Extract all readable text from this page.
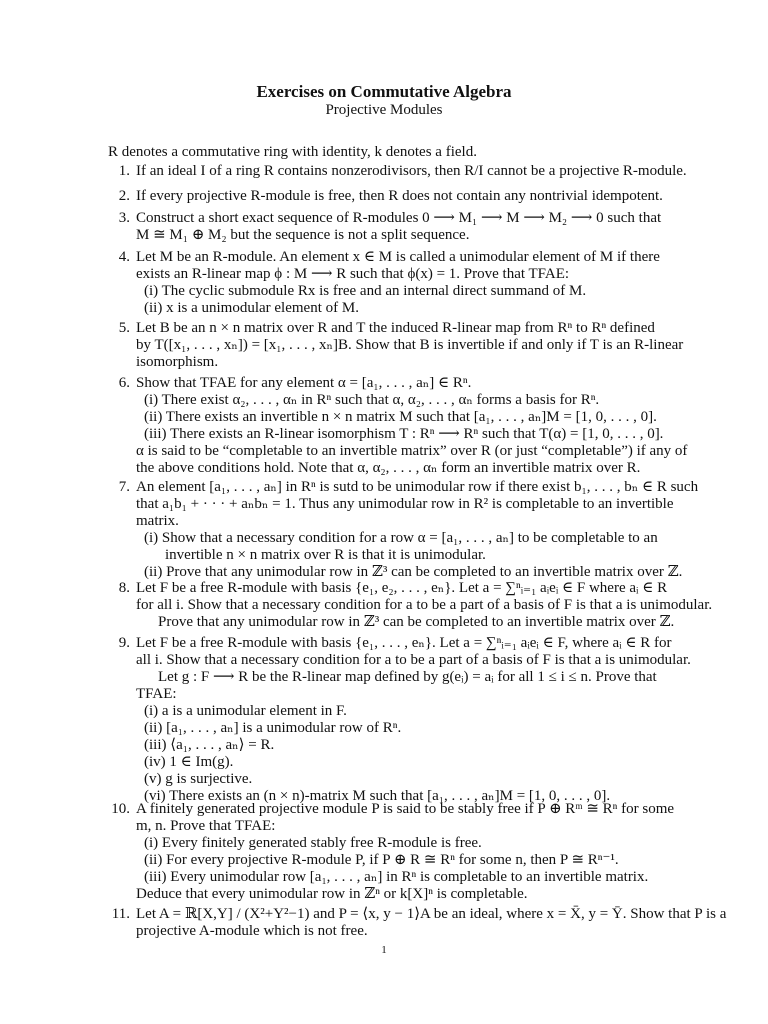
Exercises on Commutative Algebra
Projective Modules
R denotes a commutative ring with identity, k denotes a field.
1. If an ideal I of a ring R contains nonzerodivisors, then R/I cannot be a projective R-module.
2. If every projective R-module is free, then R does not contain any nontrivial idempotent.
3. Construct a short exact sequence of R-modules 0 ⟶ M₁ ⟶ M ⟶ M₂ ⟶ 0 such that
M ≅ M₁ ⊕ M₂ but the sequence is not a split sequence.
4. Let M be an R-module. An element x ∈ M is called a unimodular element of M if there
exists an R-linear map ϕ : M ⟶ R such that ϕ(x) = 1. Prove that TFAE:
(i) The cyclic submodule Rx is free and an internal direct summand of M.
(ii) x is a unimodular element of M.
5. Let B be an n × n matrix over R and T the induced R-linear map from Rⁿ to Rⁿ defined
by T([x₁, . . . , xₙ]) = [x₁, . . . , xₙ]B. Show that B is invertible if and only if T is an R-linear
isomorphism.
6. Show that TFAE for any element α = [a₁, . . . , aₙ] ∈ Rⁿ.
(i) There exist α₂, . . . , αₙ in Rⁿ such that α, α₂, . . . , αₙ forms a basis for Rⁿ.
(ii) There exists an invertible n × n matrix M such that [a₁, . . . , aₙ]M = [1, 0, . . . , 0].
(iii) There exists an R-linear isomorphism T : Rⁿ ⟶ Rⁿ such that T(α) = [1, 0, . . . , 0].
α is said to be “completable to an invertible matrix” over R (or just “completable”) if any of
the above conditions hold. Note that α, α₂, . . . , αₙ form an invertible matrix over R.
7. An element [a₁, . . . , aₙ] in Rⁿ is sutd to be unimodular row if there exist b₁, . . . , bₙ ∈ R such
that a₁b₁ + · · · + aₙbₙ = 1. Thus any unimodular row in R² is completable to an invertible
matrix.
(i) Show that a necessary condition for a row α = [a₁, . . . , aₙ] to be completable to an
invertible n × n matrix over R is that it is unimodular.
(ii) Prove that any unimodular row in ℤ³ can be completed to an invertible matrix over ℤ.
8. Let F be a free R-module with basis {e₁, e₂, . . . , eₙ}. Let a = ∑ⁿᵢ₌₁ aᵢeᵢ ∈ F where aᵢ ∈ R
for all i. Show that a necessary condition for a to be a part of a basis of F is that a is unimodular.
Prove that any unimodular row in ℤ³ can be completed to an invertible matrix over ℤ.
9. Let F be a free R-module with basis {e₁, . . . , eₙ}. Let a = ∑ⁿᵢ₌₁ aᵢeᵢ ∈ F, where aᵢ ∈ R for
all i. Show that a necessary condition for a to be a part of a basis of F is that a is unimodular.
Let g : F ⟶ R be the R-linear map defined by g(eᵢ) = aᵢ for all 1 ≤ i ≤ n. Prove that
TFAE:
(i) a is a unimodular element in F.
(ii) [a₁, . . . , aₙ] is a unimodular row of Rⁿ.
(iii) ⟨a₁, . . . , aₙ⟩ = R.
(iv) 1 ∈ Im(g).
(v) g is surjective.
(vi) There exists an (n × n)-matrix M such that [a₁, . . . , aₙ]M = [1, 0, . . . , 0].
10. A finitely generated projective module P is said to be stably free if P ⊕ Rᵐ ≅ Rⁿ for some
m, n. Prove that TFAE:
(i) Every finitely generated stably free R-module is free.
(ii) For every projective R-module P, if P ⊕ R ≅ Rⁿ for some n, then P ≅ Rⁿ⁻¹.
(iii) Every unimodular row [a₁, . . . , aₙ] in Rⁿ is completable to an invertible matrix.
Deduce that every unimodular row in ℤⁿ or k[X]ⁿ is completable.
11. Let A = ℝ[X,Y] / (X²+Y²−1) and P = ⟨x, y − 1⟩A be an ideal, where x = X̄, y = Ȳ. Show that P is a
projective A-module which is not free.
1
